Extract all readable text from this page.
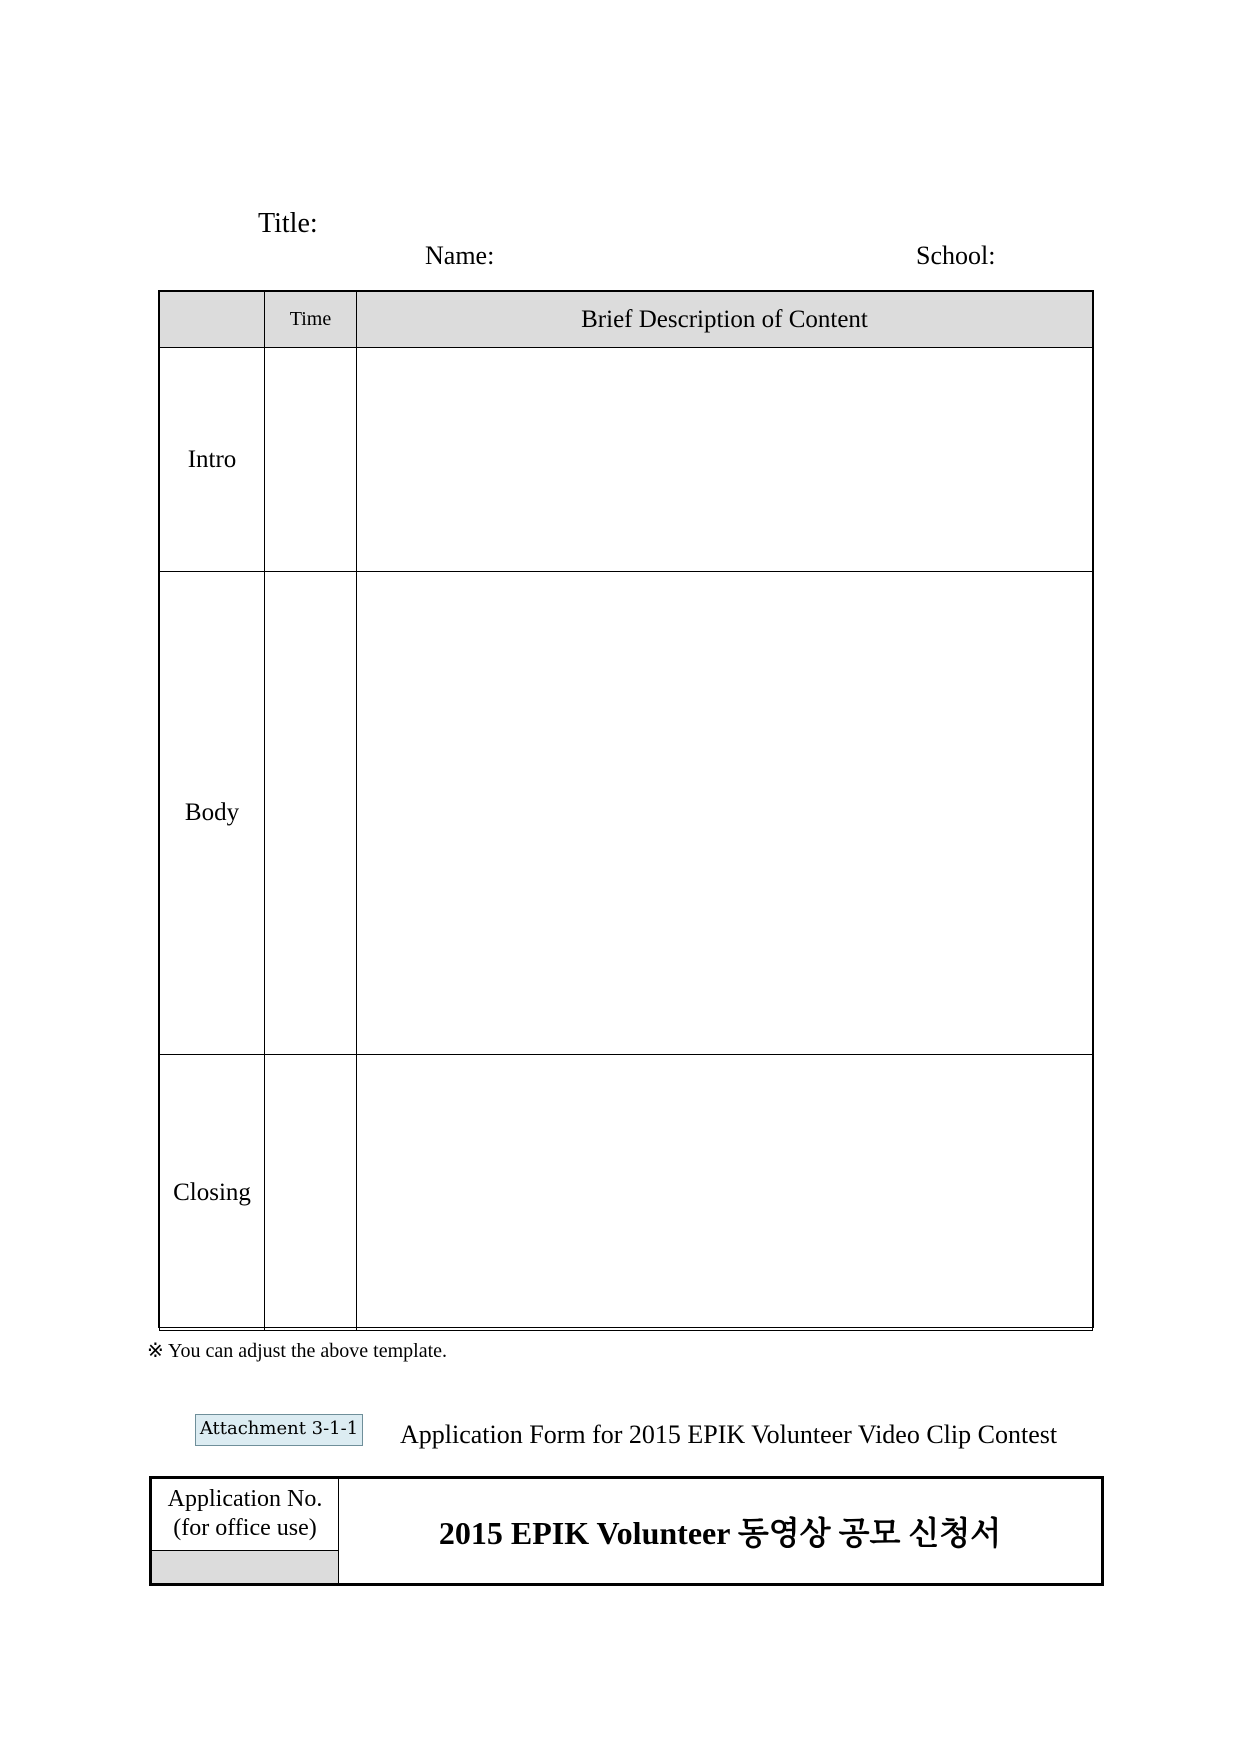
Title:
Name:	School:
	Time	Brief Description of Content
Intro		
Body		
Closing		
※ You can adjust the above template.
Attachment 3-1-1 Application Form for 2015 EPIK Volunteer Video Clip Contest
Application No.
(for office use)	2015 EPIK Volunteer 동영상 공모 신청서
